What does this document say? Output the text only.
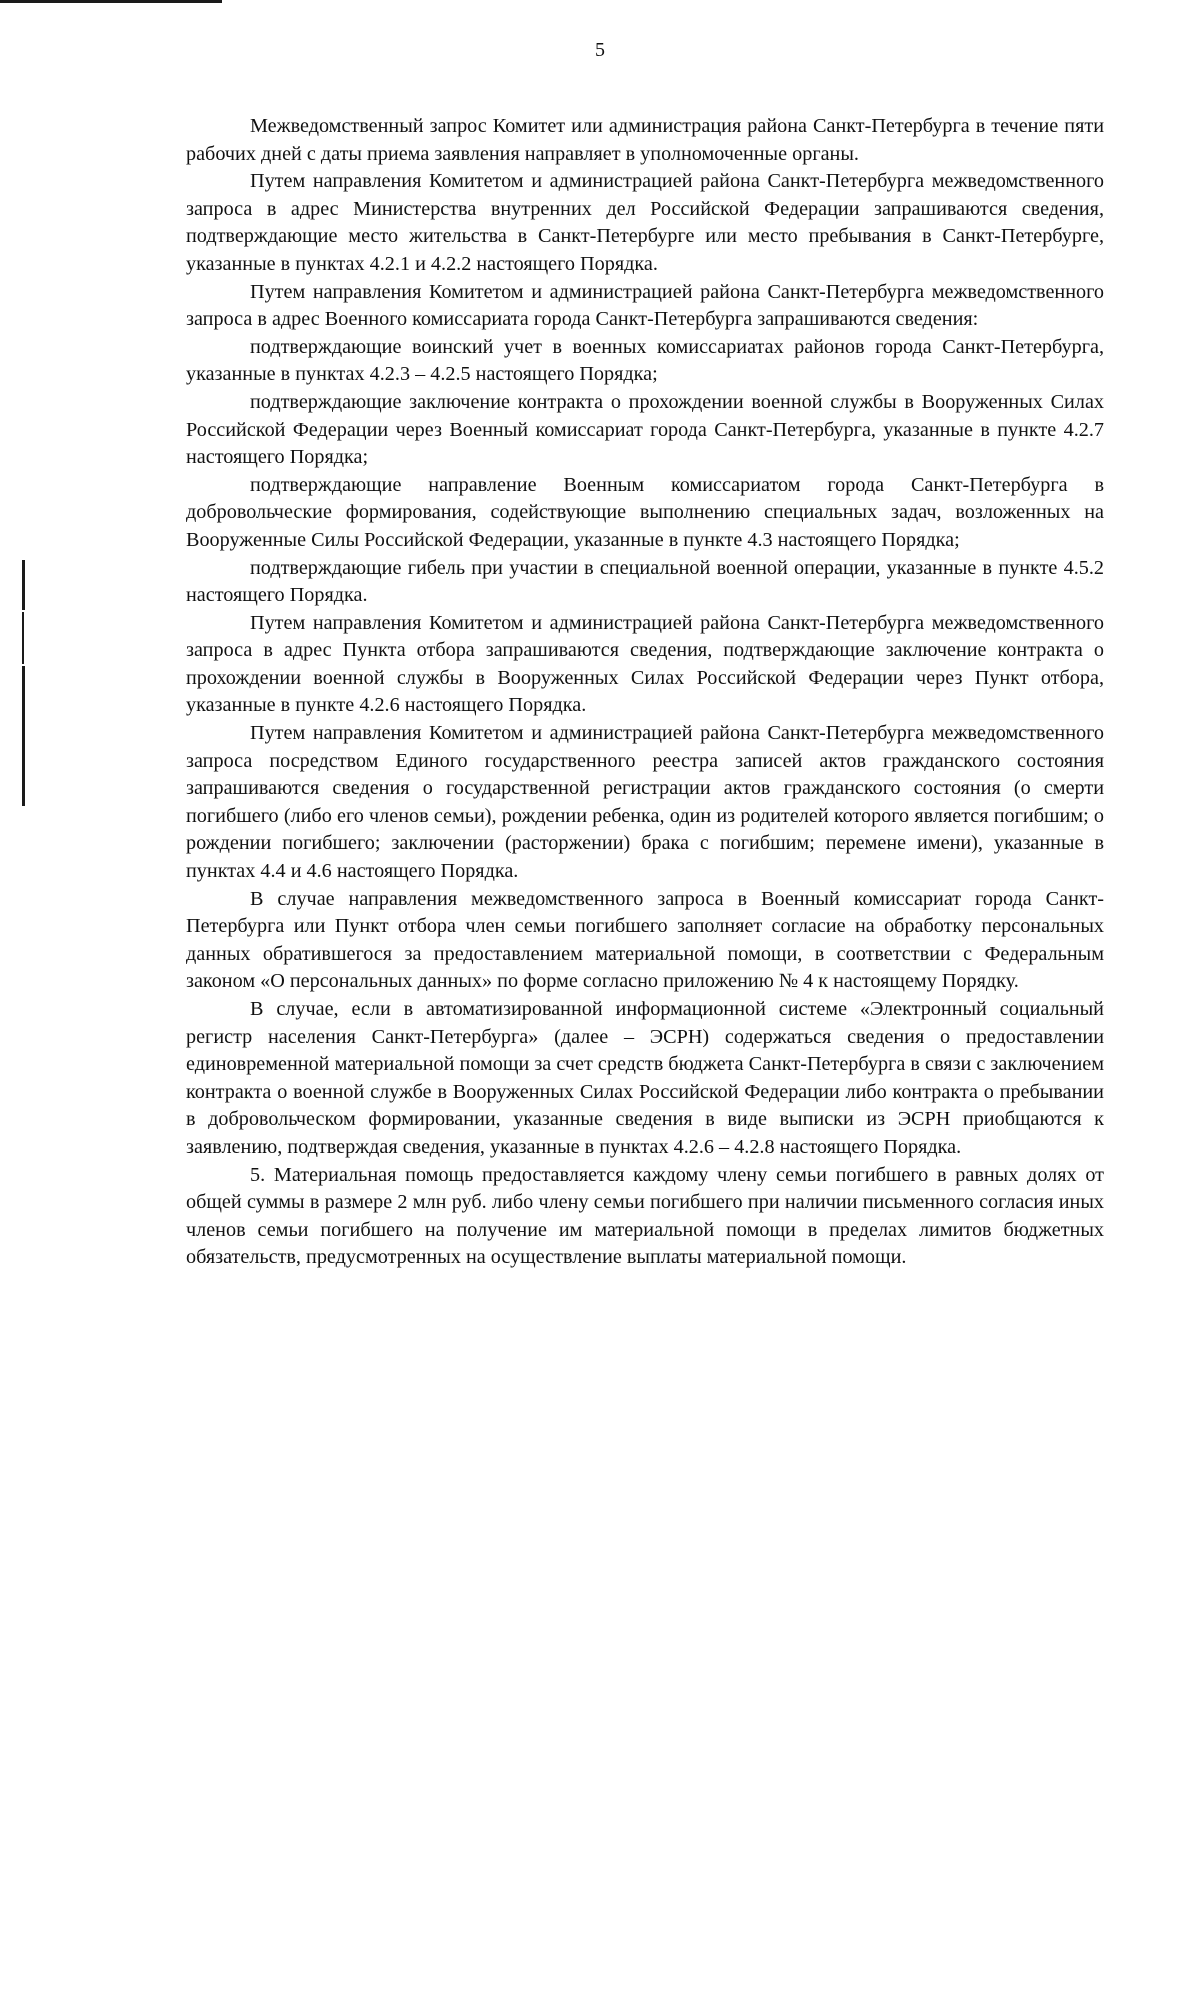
5

Межведомственный запрос Комитет или администрация района Санкт-Петербурга в течение пяти рабочих дней с даты приема заявления направляет в уполномоченные органы.

Путем направления Комитетом и администрацией района Санкт-Петербурга межведомственного запроса в адрес Министерства внутренних дел Российской Федерации запрашиваются сведения, подтверждающие место жительства в Санкт-Петербурге или место пребывания в Санкт-Петербурге, указанные в пунктах 4.2.1 и 4.2.2 настоящего Порядка.

Путем направления Комитетом и администрацией района Санкт-Петербурга межведомственного запроса в адрес Военного комиссариата города Санкт-Петербурга запрашиваются сведения:

подтверждающие воинский учет в военных комиссариатах районов города Санкт-Петербурга, указанные в пунктах 4.2.3 – 4.2.5 настоящего Порядка;

подтверждающие заключение контракта о прохождении военной службы в Вооруженных Силах Российской Федерации через Военный комиссариат города Санкт-Петербурга, указанные в пункте 4.2.7 настоящего Порядка;

подтверждающие направление Военным комиссариатом города Санкт-Петербурга в добровольческие формирования, содействующие выполнению специальных задач, возложенных на Вооруженные Силы Российской Федерации, указанные в пункте 4.3 настоящего Порядка;

подтверждающие гибель при участии в специальной военной операции, указанные в пункте 4.5.2 настоящего Порядка.

Путем направления Комитетом и администрацией района Санкт-Петербурга межведомственного запроса в адрес Пункта отбора запрашиваются сведения, подтверждающие заключение контракта о прохождении военной службы в Вооруженных Силах Российской Федерации через Пункт отбора, указанные в пункте 4.2.6 настоящего Порядка.

Путем направления Комитетом и администрацией района Санкт-Петербурга межведомственного запроса посредством Единого государственного реестра записей актов гражданского состояния запрашиваются сведения о государственной регистрации актов гражданского состояния (о смерти погибшего (либо его членов семьи), рождении ребенка, один из родителей которого является погибшим; о рождении погибшего; заключении (расторжении) брака с погибшим; перемене имени), указанные в пунктах 4.4 и 4.6 настоящего Порядка.

В случае направления межведомственного запроса в Военный комиссариат города Санкт-Петербурга или Пункт отбора член семьи погибшего заполняет согласие на обработку персональных данных обратившегося за предоставлением материальной помощи, в соответствии с Федеральным законом «О персональных данных» по форме согласно приложению № 4 к настоящему Порядку.

В случае, если в автоматизированной информационной системе «Электронный социальный регистр населения Санкт-Петербурга» (далее – ЭСРН) содержаться сведения о предоставлении единовременной материальной помощи за счет средств бюджета Санкт-Петербурга в связи с заключением контракта о военной службе в Вооруженных Силах Российской Федерации либо контракта о пребывании в добровольческом формировании, указанные сведения в виде выписки из ЭСРН приобщаются к заявлению, подтверждая сведения, указанные в пунктах 4.2.6 – 4.2.8 настоящего Порядка.

5. Материальная помощь предоставляется каждому члену семьи погибшего в равных долях от общей суммы в размере 2 млн руб. либо члену семьи погибшего при наличии письменного согласия иных членов семьи погибшего на получение им материальной помощи в пределах лимитов бюджетных обязательств, предусмотренных на осуществление выплаты материальной помощи.
